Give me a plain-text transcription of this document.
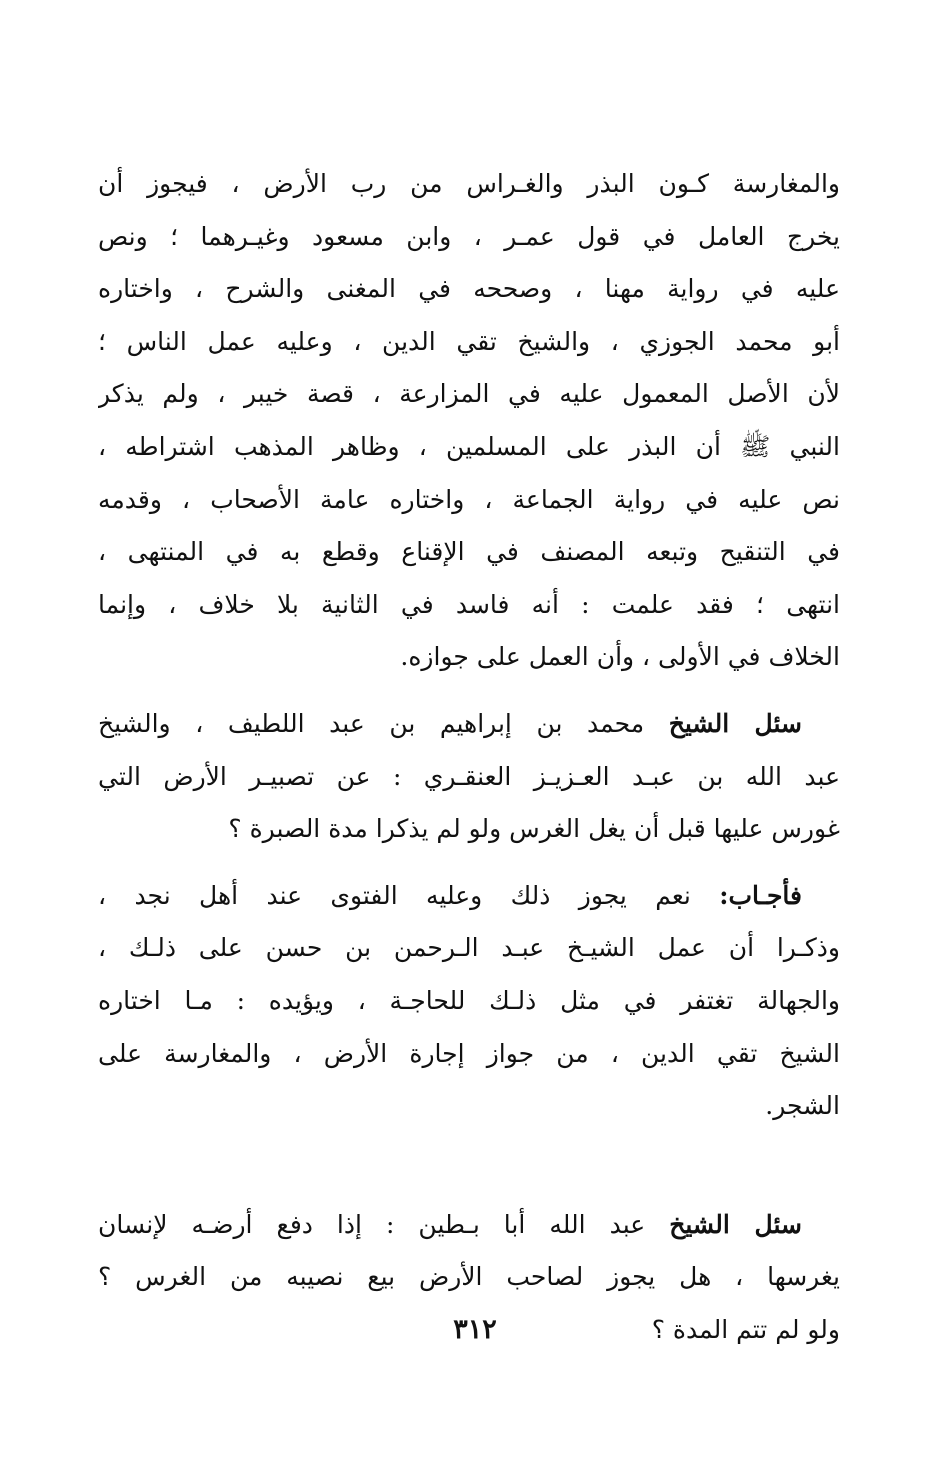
والمغارسة كـون البذر والغـراس من رب الأرض ، فيجوز أن
يخرج العامل في قول عمـر ، وابن مسعود وغيـرهما ؛ ونص
عليه في رواية مهنا ، وصححه في المغنى والشرح ، واختاره
أبو محمد الجوزي ، والشيخ تقي الدين ، وعليه عمل الناس ؛
لأن الأصل المعمول عليه في المزارعة ، قصة خيبر ، ولم يذكر
النبي ﷺ أن البذر على المسلمين ، وظاهر المذهب اشتراطه ،
نص عليه في رواية الجماعة ، واختاره عامة الأصحاب ، وقدمه
في التنقيح وتبعه المصنف في الإقناع وقطع به في المنتهى ،
انتهى ؛ فقد علمت : أنه فاسد في الثانية بلا خلاف ، وإنما
الخلاف في الأولى ، وأن العمل على جوازه.
سئل الشيخ محمد بن إبراهيم بن عبد اللطيف ، والشيخ
عبد الله بن عبـد العـزيـز العنقـري : عن تصبيـر الأرض التي
غورس عليها قبل أن يغل الغرس ولو لم يذكرا مدة الصبرة ؟
فأجـاب: نعم يجوز ذلك وعليه الفتوى عند أهل نجد ،
وذكـرا أن عمل الشيـخ عبـد الـرحمن بن حسن على ذلـك ،
والجهالة تغتفر في مثل ذلـك للحاجـة ، ويؤيده : مـا اختاره
الشيخ تقي الدين ، من جواز إجارة الأرض ، والمغارسة على
الشجر.
سئل الشيخ عبد الله أبا بـطين : إذا دفع أرضـه لإنسان
يغرسها ، هل يجوز لصاحب الأرض بيع نصيبه من الغرس ؟
ولو لم تتم المدة ؟
٣١٢
